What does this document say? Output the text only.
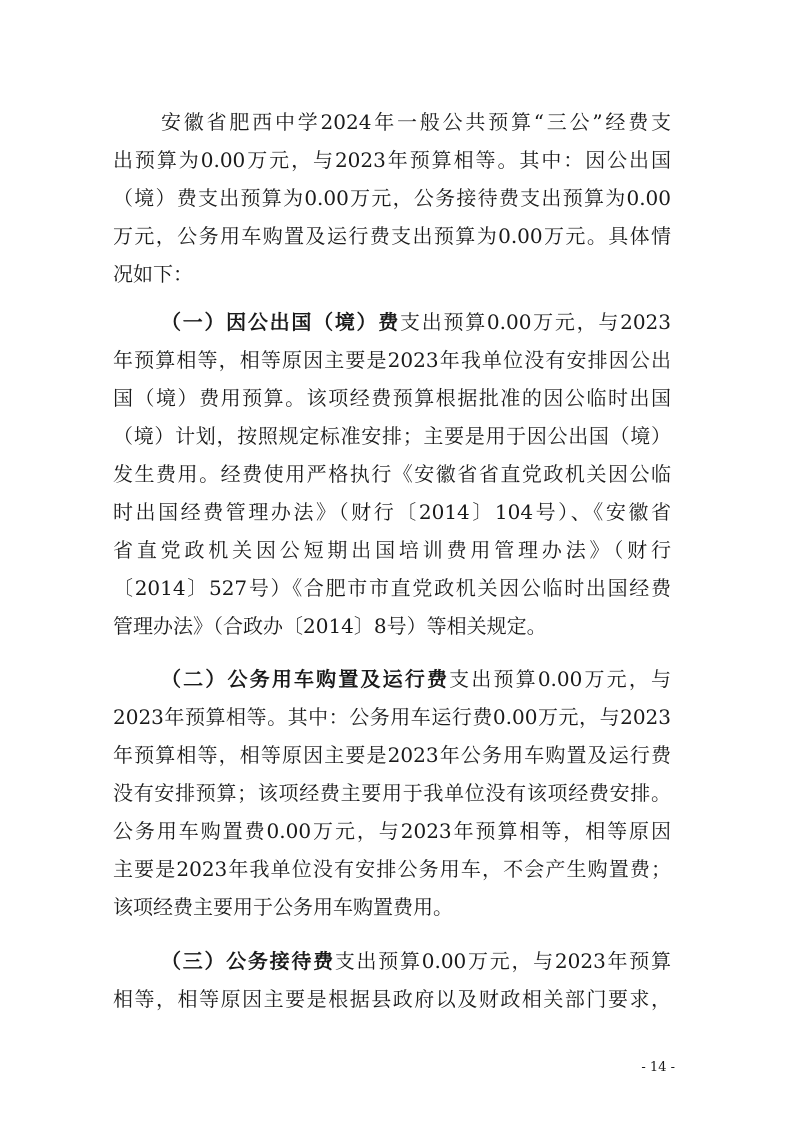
安徽省肥西中学2024年一般公共预算“三公”经费支
出预算为0.00万元，与2023年预算相等。其中：因公出国
（境）费支出预算为0.00万元，公务接待费支出预算为0.00
万元，公务用车购置及运行费支出预算为0.00万元。具体情
况如下：
（一）因公出国（境）费支出预算0.00万元，与2023
年预算相等，相等原因主要是2023年我单位没有安排因公出
国（境）费用预算。该项经费预算根据批准的因公临时出国
（境）计划，按照规定标准安排；主要是用于因公出国（境）
发生费用。经费使用严格执行《安徽省省直党政机关因公临
时出国经费管理办法》（财行〔2014〕104号）、《安徽省
省直党政机关因公短期出国培训费用管理办法》（财行
〔2014〕527号）《合肥市市直党政机关因公临时出国经费
管理办法》（合政办〔2014〕8号）等相关规定。
（二）公务用车购置及运行费支出预算0.00万元，与
2023年预算相等。其中：公务用车运行费0.00万元，与2023
年预算相等，相等原因主要是2023年公务用车购置及运行费
没有安排预算；该项经费主要用于我单位没有该项经费安排。
公务用车购置费0.00万元，与2023年预算相等，相等原因
主要是2023年我单位没有安排公务用车，不会产生购置费；
该项经费主要用于公务用车购置费用。
（三）公务接待费支出预算0.00万元，与2023年预算
相等，相等原因主要是根据县政府以及财政相关部门要求，
- 14 -
